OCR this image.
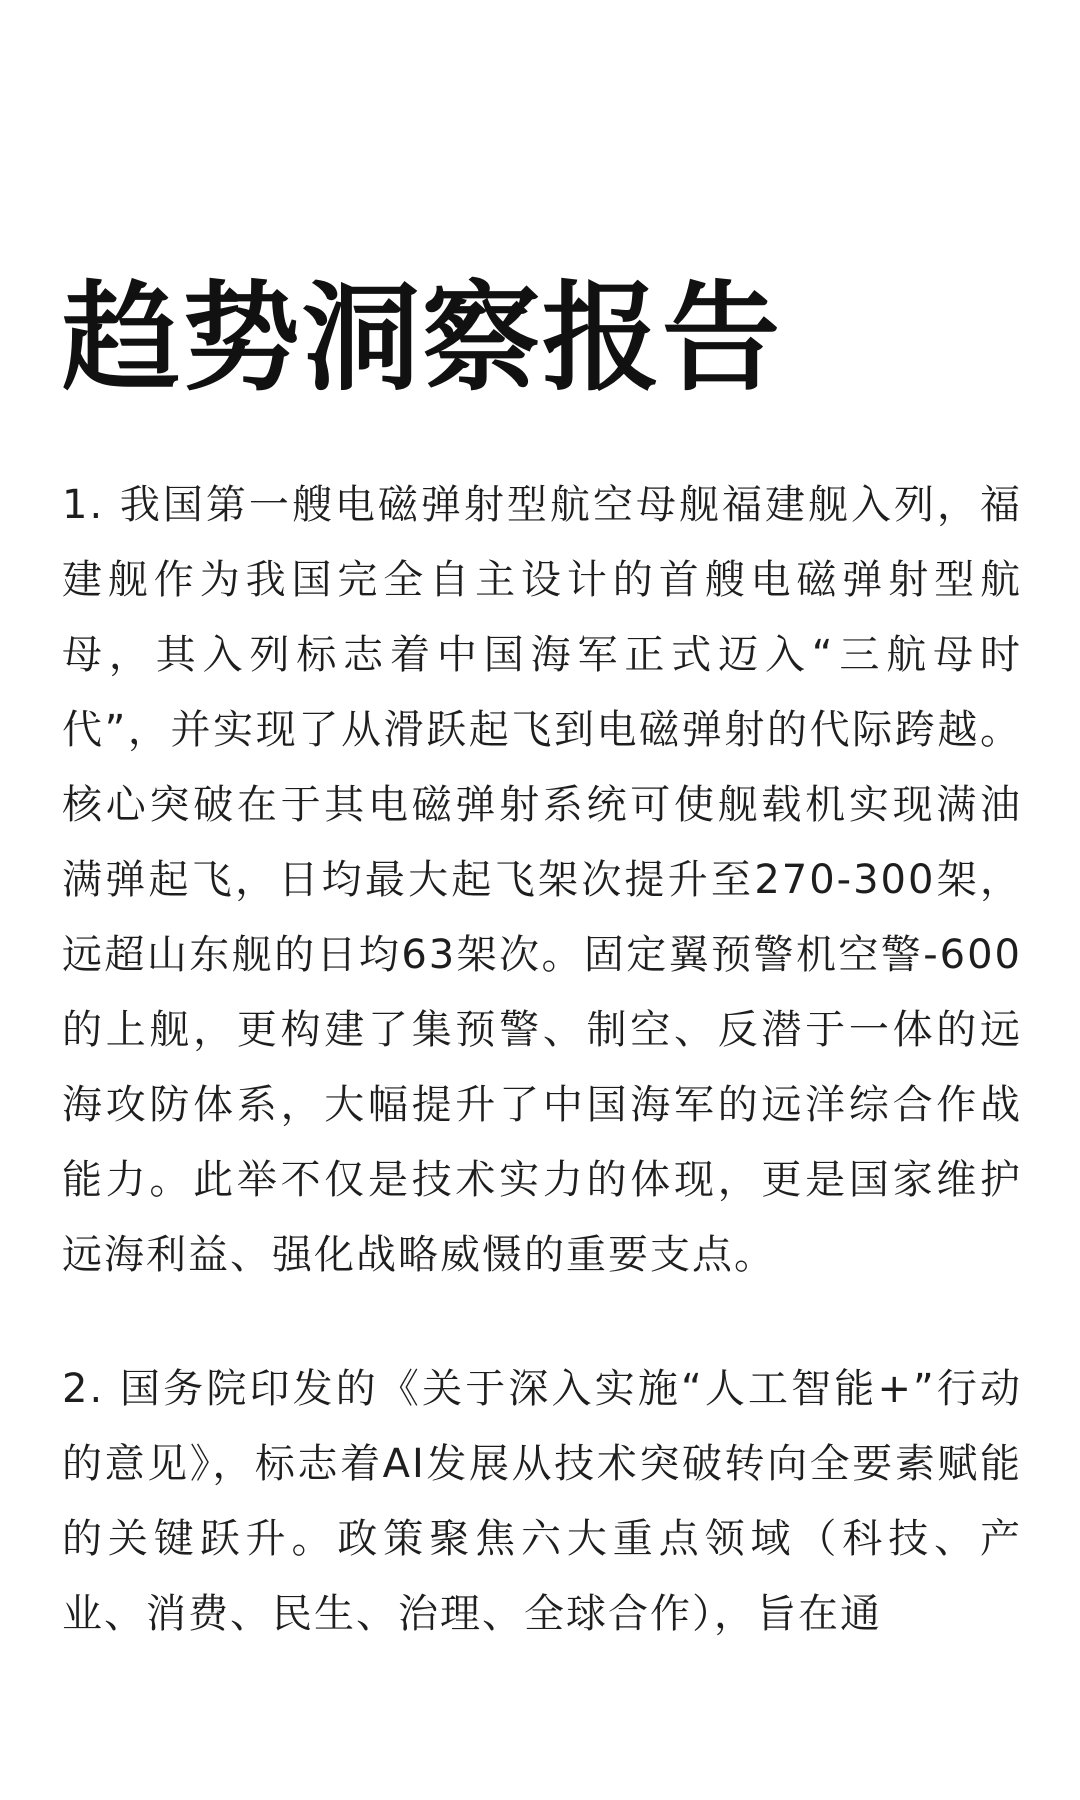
趋势洞察报告

1. 我国第一艘电磁弹射型航空母舰福建舰入列，福建舰作为我国完全自主设计的首艘电磁弹射型航母，其入列标志着中国海军正式迈入“三航母时代”，并实现了从滑跃起飞到电磁弹射的代际跨越。核心突破在于其电磁弹射系统可使舰载机实现满油满弹起飞，日均最大起飞架次提升至270-300架，远超山东舰的日均63架次。固定翼预警机空警-600的上舰，更构建了集预警、制空、反潜于一体的远海攻防体系，大幅提升了中国海军的远洋综合作战能力。此举不仅是技术实力的体现，更是国家维护远海利益、强化战略威慑的重要支点。

2. 国务院印发的《关于深入实施“人工智能+”行动的意见》，标志着AI发展从技术突破转向全要素赋能的关键跃升。政策聚焦六大重点领域（科技、产业、消费、民生、治理、全球合作），旨在通
